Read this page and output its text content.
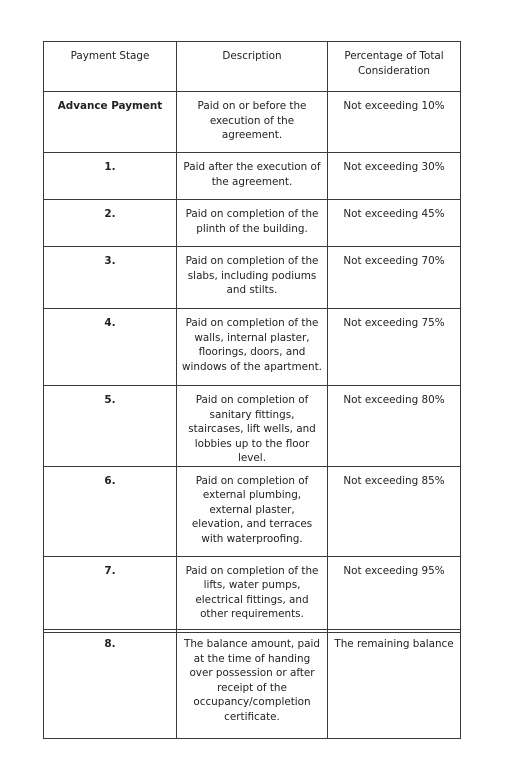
Payment Stage	Description	Percentage of Total Consideration
Advance Payment	Paid on or before the execution of the agreement.	Not exceeding 10%
1.	Paid after the execution of the agreement.	Not exceeding 30%
2.	Paid on completion of the plinth of the building.	Not exceeding 45%
3.	Paid on completion of the slabs, including podiums and stilts.	Not exceeding 70%
4.	Paid on completion of the walls, internal plaster, floorings, doors, and windows of the apartment.	Not exceeding 75%
5.	Paid on completion of sanitary fittings, staircases, lift wells, and lobbies up to the floor level.	Not exceeding 80%
6.	Paid on completion of external plumbing, external plaster, elevation, and terraces with waterproofing.	Not exceeding 85%
7.	Paid on completion of the lifts, water pumps, electrical fittings, and other requirements.	Not exceeding 95%
8.	The balance amount, paid at the time of handing over possession or after receipt of the occupancy/completion certificate.	The remaining balance
